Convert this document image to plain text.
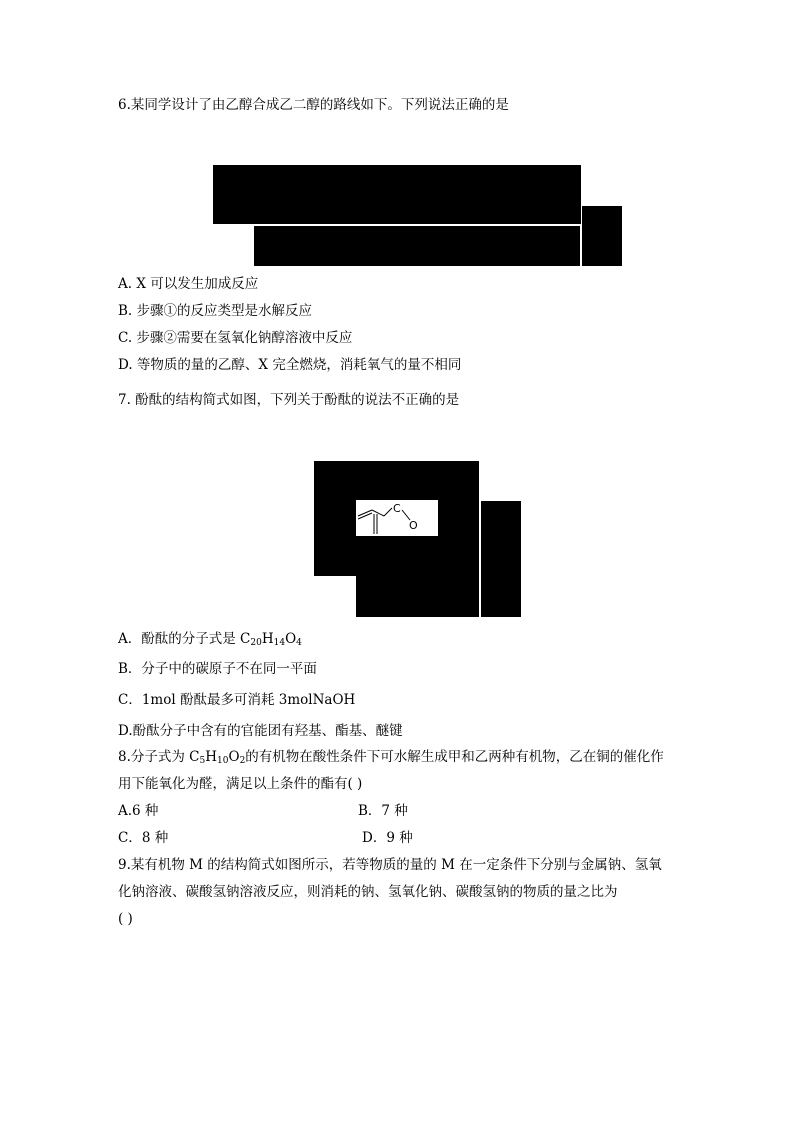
6.某同学设计了由乙醇合成乙二醇的路线如下。下列说法正确的是
A. X 可以发生加成反应
B. 步骤①的反应类型是水解反应
C. 步骤②需要在氢氧化钠醇溶液中反应
D. 等物质的量的乙醇、X 完全燃烧，消耗氧气的量不相同
7. 酚酞的结构简式如图，下列关于酚酞的说法不正确的是
C
O
A．酚酞的分子式是 $C_{20}H_{14}O_4$
B．分子中的碳原子不在同一平面
C．1mol 酚酞最多可消耗 3molNaOH
D.酚酞分子中含有的官能团有羟基、酯基、醚键
8.分子式为 $C_5H_{10}O_2$的有机物在酸性条件下可水解生成甲和乙两种有机物，乙在铜的催化作
用下能氧化为醛，满足以上条件的酯有( )
A.6 种	B．7 种
C．8 种	D．9 种
9.某有机物 M 的结构简式如图所示，若等物质的量的 M 在一定条件下分别与金属钠、氢氧
化钠溶液、碳酸氢钠溶液反应，则消耗的钠、氢氧化钠、碳酸氢钠的物质的量之比为
( )
